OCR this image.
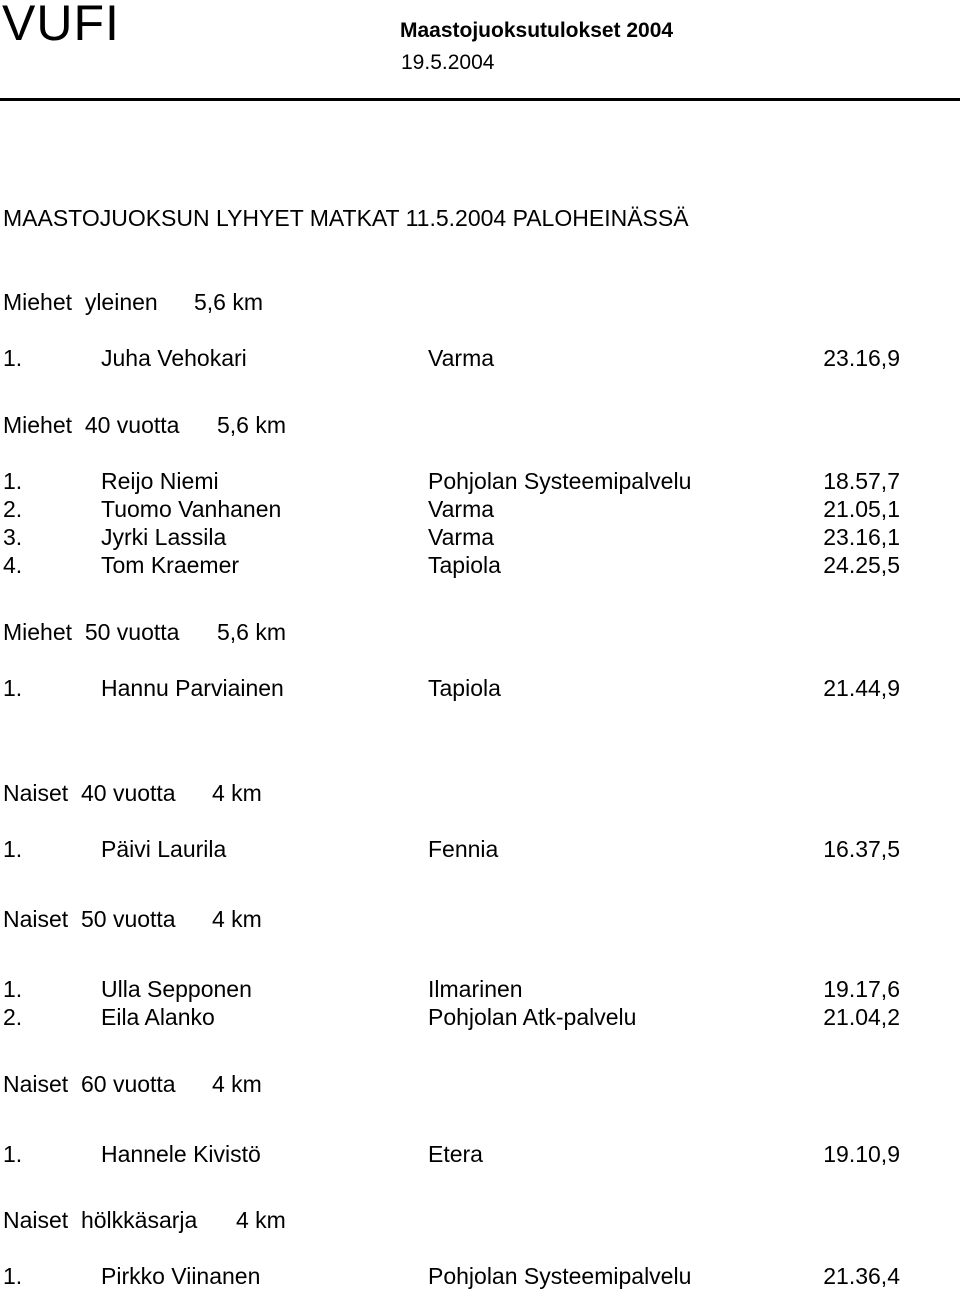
VUFI	Maastojuoksutulokset 2004
19.5.2004
MAASTOJUOKSUN LYHYET MATKAT 11.5.2004 PALOHEINÄSSÄ
Miehet  yleinen 5,6 km
1.	Juha Vehokari	Varma	23.16,9
Miehet  40 vuotta 5,6 km
1.	Reijo Niemi	Pohjolan Systeemipalvelu	18.57,7
2.	Tuomo Vanhanen	Varma	21.05,1
3.	Jyrki Lassila	Varma	23.16,1
4.	Tom Kraemer	Tapiola	24.25,5
Miehet  50 vuotta 5,6 km
1.	Hannu Parviainen	Tapiola	21.44,9
Naiset  40 vuotta 4 km
1.	Päivi Laurila	Fennia	16.37,5
Naiset  50 vuotta 4 km
1.	Ulla Sepponen	Ilmarinen	19.17,6
2.	Eila Alanko	Pohjolan Atk-palvelu	21.04,2
Naiset  60 vuotta 4 km
1.	Hannele Kivistö	Etera	19.10,9
Naiset  hölkkäsarja 4 km
1.	Pirkko Viinanen	Pohjolan Systeemipalvelu	21.36,4
